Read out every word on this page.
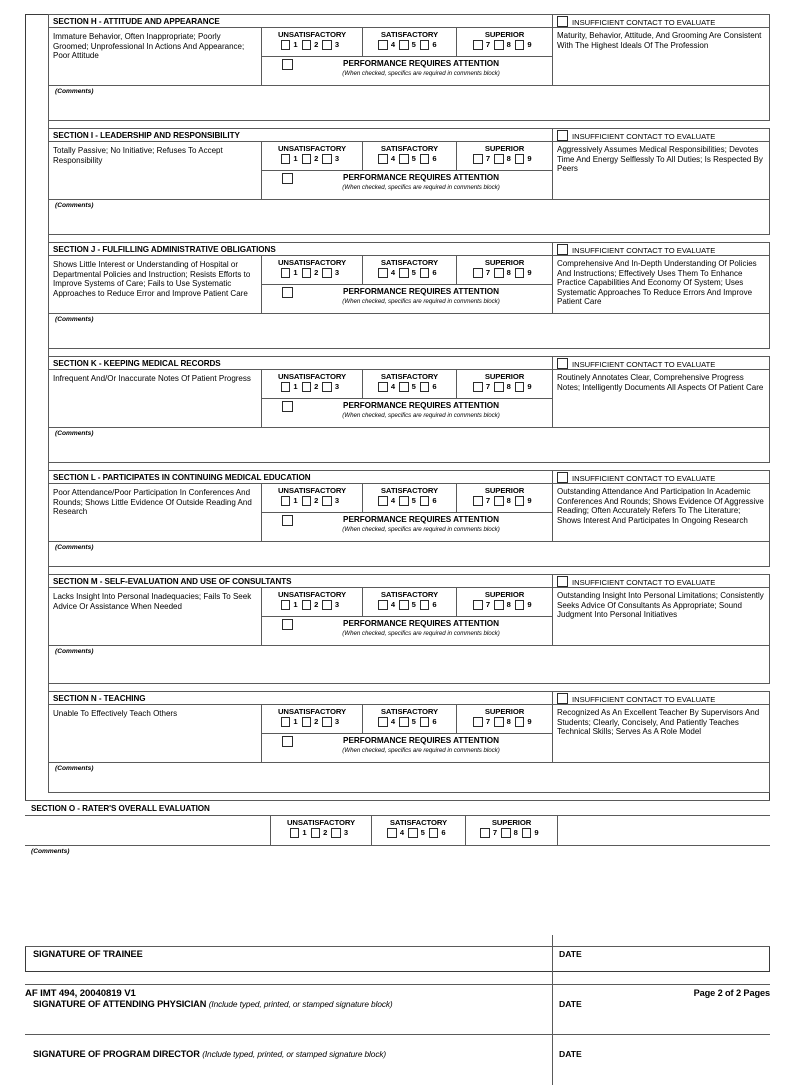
SECTION H - ATTITUDE AND APPEARANCE	INSUFFICIENT CONTACT TO EVALUATE
Immature Behavior, Often Inappropriate; Poorly Groomed; Unprofessional In Actions And Appearance; Poor Attitude
UNSATISFACTORY
1	2	3
SATISFACTORY
4	5	6
SUPERIOR
7	8	9
PERFORMANCE REQUIRES ATTENTION
(When checked, specifics are required in comments block)
Maturity, Behavior, Attitude, And Grooming Are Consistent With The Highest Ideals Of The Profession
(Comments)
SECTION I - LEADERSHIP AND RESPONSIBILITY	INSUFFICIENT CONTACT TO EVALUATE
Totally Passive; No Initiative; Refuses To Accept Responsibility
UNSATISFACTORY
1	2	3
SATISFACTORY
4	5	6
SUPERIOR
7	8	9
PERFORMANCE REQUIRES ATTENTION
(When checked, specifics are required in comments block)
Aggressively Assumes Medical Responsibilities; Devotes Time And Energy Selflessly To All Duties; Is Respected By Peers
(Comments)
SECTION J - FULFILLING ADMINISTRATIVE OBLIGATIONS	INSUFFICIENT CONTACT TO EVALUATE
Shows Little Interest or Understanding of Hospital or Departmental Policies and Instruction; Resists Efforts to Improve Systems of Care; Fails to Use Systematic Approaches to Reduce Error and Improve Patient Care
UNSATISFACTORY
1	2	3
SATISFACTORY
4	5	6
SUPERIOR
7	8	9
PERFORMANCE REQUIRES ATTENTION
(When checked, specifics are required in comments block)
Comprehensive And In-Depth Understanding Of Policies And Instructions; Effectively Uses Them To Enhance Practice Capabilities And Economy Of System; Uses Systematic Approaches To Reduce Errors And Improve Patient Care
(Comments)
SECTION K - KEEPING MEDICAL RECORDS	INSUFFICIENT CONTACT TO EVALUATE
Infrequent And/Or Inaccurate Notes Of Patient Progress	UNSATISFACTORY
1	2	3
SATISFACTORY
4	5	6
SUPERIOR
7	8	9
PERFORMANCE REQUIRES ATTENTION
(When checked, specifics are required in comments block)
Routinely Annotates Clear, Comprehensive Progress Notes; Intelligently Documents All Aspects Of Patient Care
(Comments)
SECTION L - PARTICIPATES IN CONTINUING MEDICAL EDUCATION	INSUFFICIENT CONTACT TO EVALUATE
Poor Attendance/Poor Participation In Conferences And Rounds; Shows Little Evidence Of Outside Reading And Research
UNSATISFACTORY
1	2	3
SATISFACTORY
4	5	6
SUPERIOR
7	8	9
PERFORMANCE REQUIRES ATTENTION
(When checked, specifics are required in comments block)
Outstanding Attendance And Participation In Academic Conferences And Rounds; Shows Evidence Of Aggressive Reading; Often Accurately Refers To The Literature; Shows Interest And Participates In Ongoing Research
(Comments)
SECTION M - SELF-EVALUATION AND USE OF CONSULTANTS	INSUFFICIENT CONTACT TO EVALUATE
Lacks Insight Into Personal Inadequacies; Fails To Seek Advice Or Assistance When Needed
UNSATISFACTORY
1	2	3
SATISFACTORY
4	5	6
SUPERIOR
7	8	9
PERFORMANCE REQUIRES ATTENTION
(When checked, specifics are required in comments block)
Outstanding Insight Into Personal Limitations; Consistently Seeks Advice Of Consultants As Appropriate; Sound Judgment Into Personal Initiatives
(Comments)
SECTION N - TEACHING	INSUFFICIENT CONTACT TO EVALUATE
Unable To Effectively Teach Others	UNSATISFACTORY
1	2	3
SATISFACTORY
4	5	6
SUPERIOR
7	8	9
PERFORMANCE REQUIRES ATTENTION
(When checked, specifics are required in comments block)
Recognized As An Excellent Teacher By Supervisors And Students; Clearly, Concisely, And Patiently Teaches Technical Skills; Serves As A Role Model
(Comments)
SECTION O - RATER'S OVERALL EVALUATION
UNSATISFACTORY
1	2	3
SATISFACTORY
4	5	6
SUPERIOR
7	8	9
(Comments)
SIGNATURE OF TRAINEE	DATE
SIGNATURE OF ATTENDING PHYSICIAN (Include typed, printed, or stamped signature block)	DATE
SIGNATURE OF PROGRAM DIRECTOR (Include typed, printed, or stamped signature block)	DATE
AF IMT 494, 20040819 V1	Page 2 of 2 Pages
